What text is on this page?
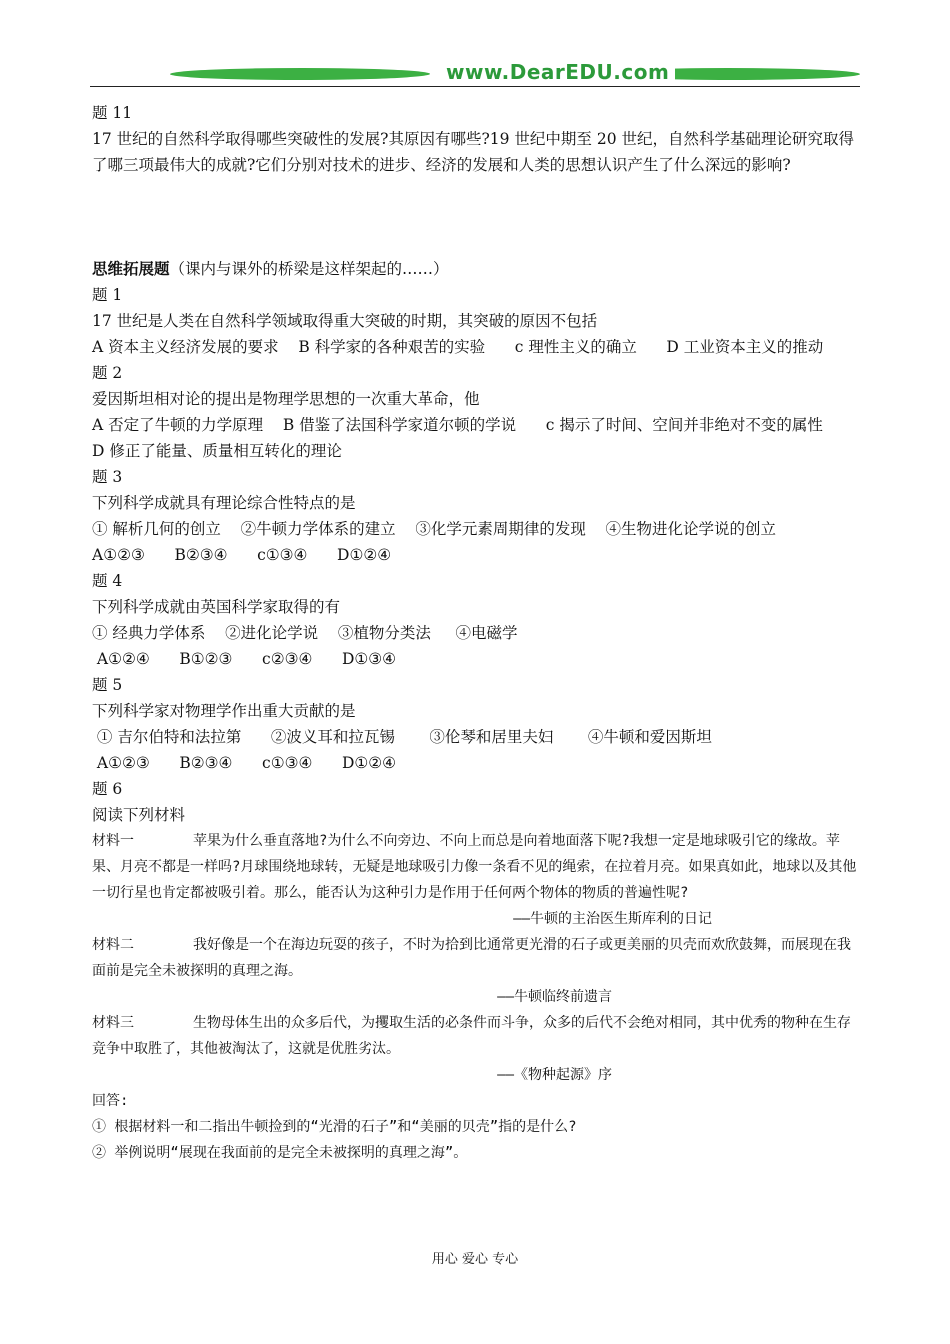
www.DearEDU.com
题 11
17 世纪的自然科学取得哪些突破性的发展?其原因有哪些?19 世纪中期至 20 世纪，自然科学基础理论研究取得了哪三项最伟大的成就?它们分别对技术的进步、经济的发展和人类的思想认识产生了什么深远的影响?
思维拓展题（课内与课外的桥梁是这样架起的……）
题 1
17 世纪是人类在自然科学领域取得重大突破的时期，其突破的原因不包括
A 资本主义经济发展的要求    B 科学家的各种艰苦的实验      c 理性主义的确立      D 工业资本主义的推动
题 2
爱因斯坦相对论的提出是物理学思想的一次重大革命，他
A 否定了牛顿的力学原理    B 借鉴了法国科学家道尔顿的学说      c 揭示了时间、空间并非绝对不变的属性      D 修正了能量、质量相互转化的理论
题 3
下列科学成就具有理论综合性特点的是
① 解析几何的创立    ②牛顿力学体系的建立    ③化学元素周期律的发现    ④生物进化论学说的创立
A①②③      B②③④      c①③④      D①②④
题 4
下列科学成就由英国科学家取得的有
① 经典力学体系    ②进化论学说    ③植物分类法     ④电磁学
A①②④      B①②③      c②③④      D①③④
题 5
下列科学家对物理学作出重大贡献的是
① 吉尔伯特和法拉第      ②波义耳和拉瓦锡       ③伦琴和居里夫妇       ④牛顿和爱因斯坦
A①②③      B②③④      c①③④      D①②④
题 6
阅读下列材料
材料一	苹果为什么垂直落地?为什么不向旁边、不向上而总是向着地面落下呢?我想一定是地球吸引它的缘故。苹果、月亮不都是一样吗?月球围绕地球转，无疑是地球吸引力像一条看不见的绳索，在拉着月亮。如果真如此，地球以及其他一切行星也肯定都被吸引着。那么，能否认为这种引力是作用于任何两个物体的物质的普遍性呢?
——牛顿的主治医生斯库利的日记
材料二	我好像是一个在海边玩耍的孩子，不时为拾到比通常更光滑的石子或更美丽的贝壳而欢欣鼓舞，而展现在我面前是完全未被探明的真理之海。
——牛顿临终前遗言
材料三	生物母体生出的众多后代，为攫取生活的必条件而斗争，众多的后代不会绝对相同，其中优秀的物种在生存竞争中取胜了，其他被淘汰了，这就是优胜劣汰。
——《物种起源》序
回答:
① 根据材料一和二指出牛顿捡到的“光滑的石子”和“美丽的贝壳”指的是什么?
② 举例说明“展现在我面前的是完全未被探明的真理之海”。
用心 爱心 专心
